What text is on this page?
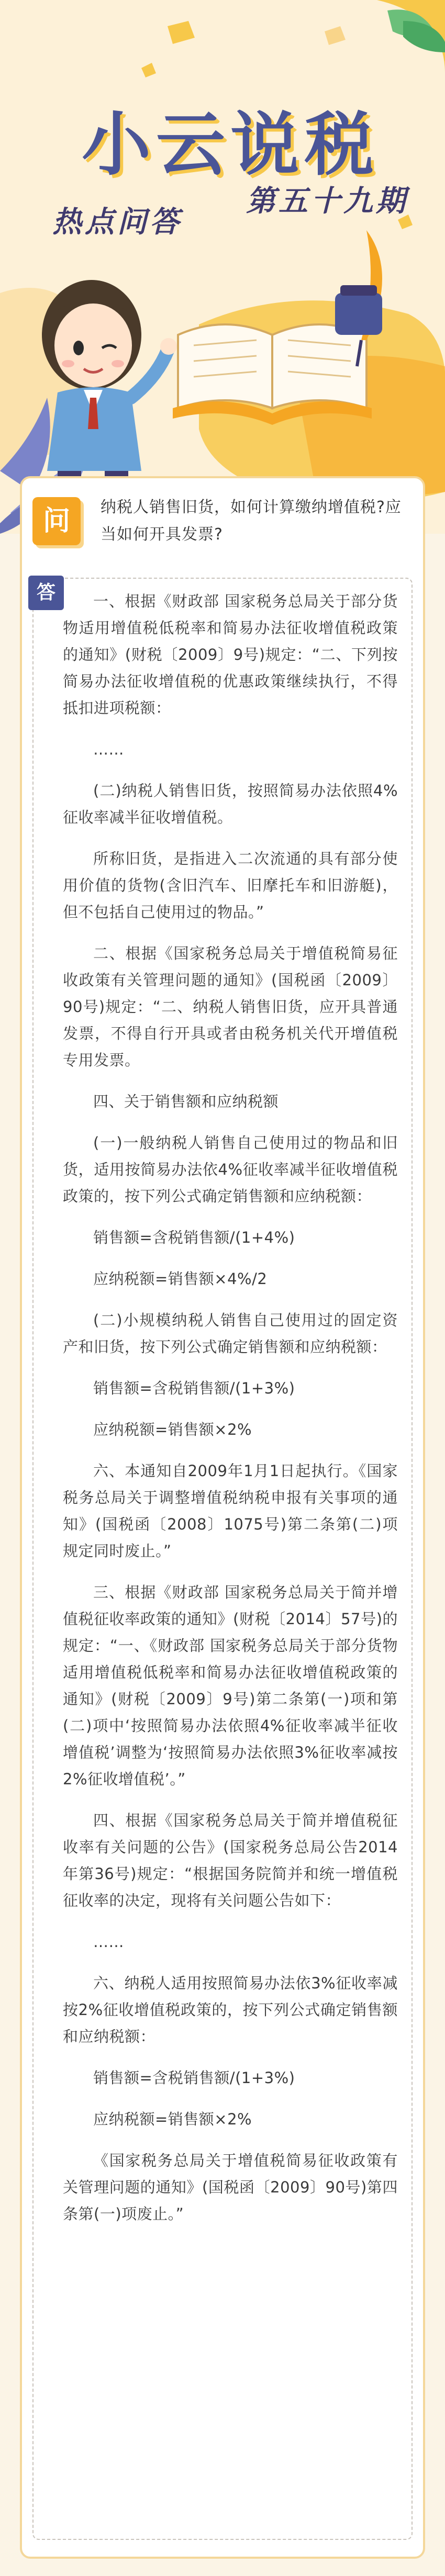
小云说税
热点问答
第五十九期
问	纳税人销售旧货，如何计算缴纳增值税?应当如何开具发票?
答	一、根据《财政部 国家税务总局关于部分货物适用增值税低税率和简易办法征收增值税政策的通知》(财税〔2009〕9号)规定：“二、下列按简易办法征收增值税的优惠政策继续执行，不得抵扣进项税额：

……

(二)纳税人销售旧货，按照简易办法依照4%征收率减半征收增值税。

所称旧货，是指进入二次流通的具有部分使用价值的货物(含旧汽车、旧摩托车和旧游艇)，但不包括自己使用过的物品。”

二、根据《国家税务总局关于增值税简易征收政策有关管理问题的通知》(国税函〔2009〕90号)规定：“二、纳税人销售旧货，应开具普通发票，不得自行开具或者由税务机关代开增值税专用发票。

四、关于销售额和应纳税额

(一)一般纳税人销售自己使用过的物品和旧货，适用按简易办法依4%征收率减半征收增值税政策的，按下列公式确定销售额和应纳税额：

销售额=含税销售额/(1+4%)

应纳税额=销售额×4%/2

(二)小规模纳税人销售自己使用过的固定资产和旧货，按下列公式确定销售额和应纳税额：

销售额=含税销售额/(1+3%)

应纳税额=销售额×2%

六、本通知自2009年1月1日起执行。《国家税务总局关于调整增值税纳税申报有关事项的通知》(国税函〔2008〕1075号)第二条第(二)项规定同时废止。”

三、根据《财政部 国家税务总局关于简并增值税征收率政策的通知》(财税〔2014〕57号)的规定：“一、《财政部 国家税务总局关于部分货物适用增值税低税率和简易办法征收增值税政策的通知》(财税〔2009〕9号)第二条第(一)项和第(二)项中‘按照简易办法依照4%征收率减半征收增值税’调整为‘按照简易办法依照3%征收率减按2%征收增值税’。”

四、根据《国家税务总局关于简并增值税征收率有关问题的公告》(国家税务总局公告2014年第36号)规定：“根据国务院简并和统一增值税征收率的决定，现将有关问题公告如下：

……

六、纳税人适用按照简易办法依3%征收率减按2%征收增值税政策的，按下列公式确定销售额和应纳税额：

销售额=含税销售额/(1+3%)

应纳税额=销售额×2%

《国家税务总局关于增值税简易征收政策有关管理问题的通知》(国税函〔2009〕90号)第四条第(一)项废止。”
